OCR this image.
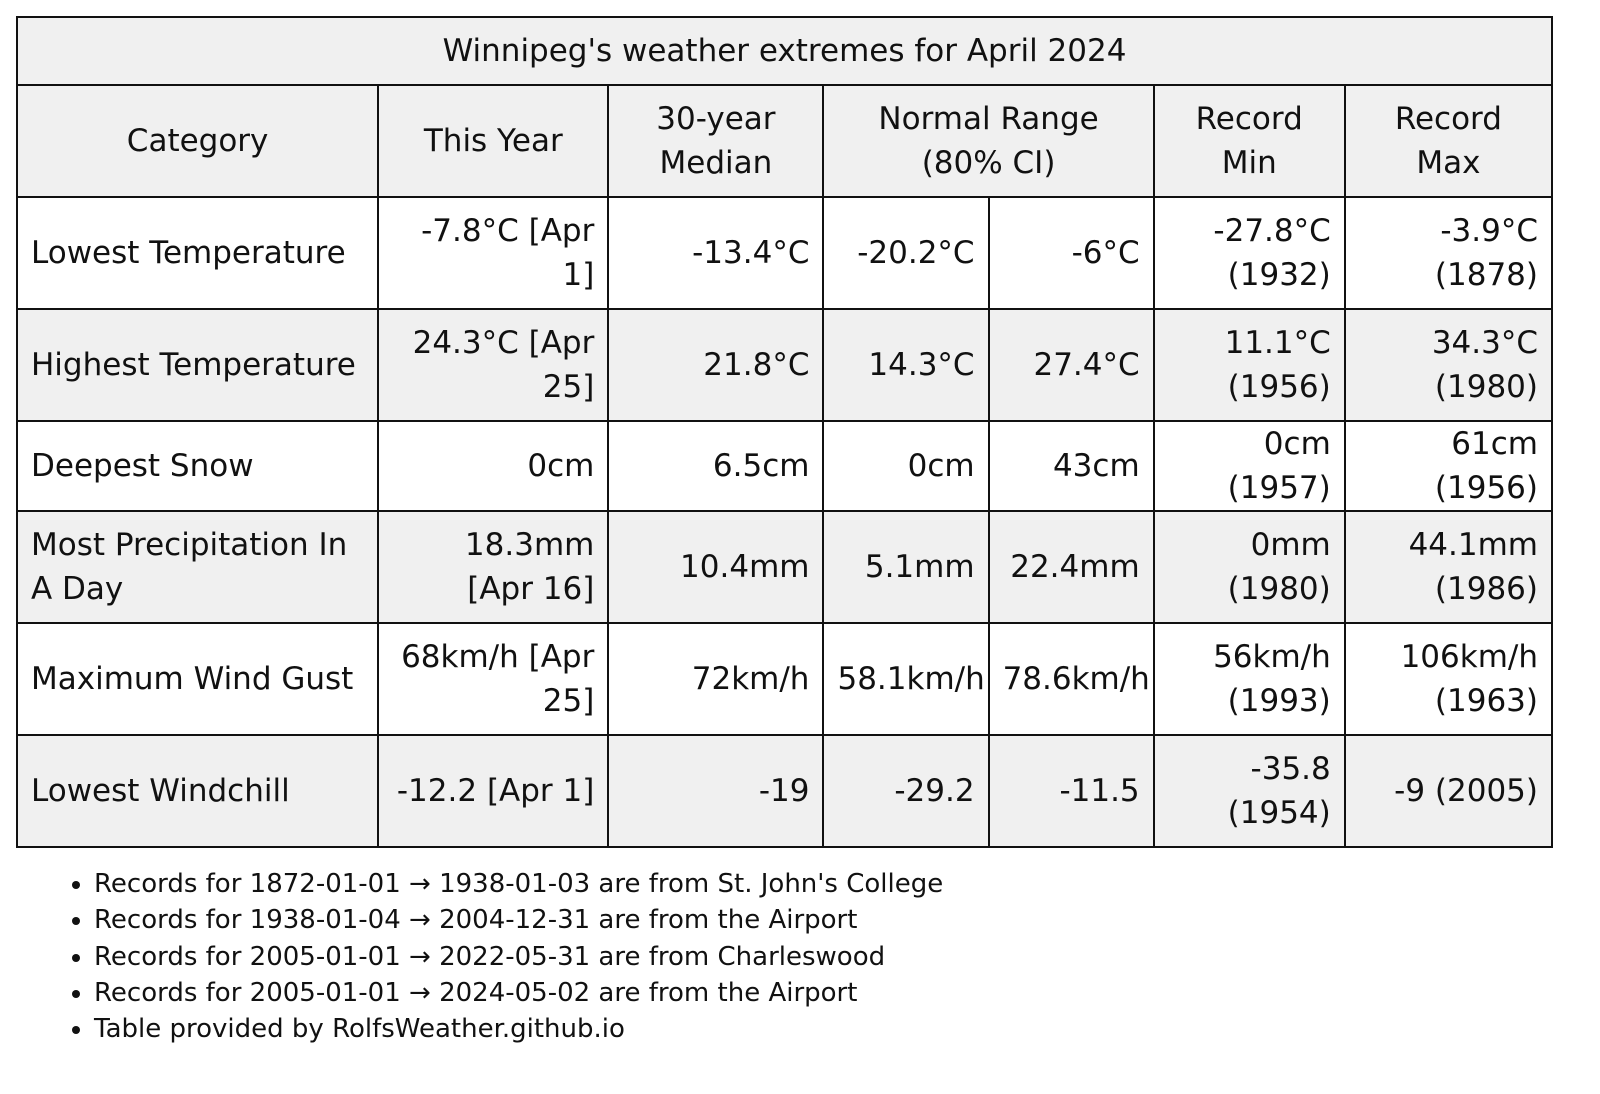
Winnipeg's weather extremes for April 2024						
Category	This Year	30-year Median	Normal Range (80% CI)		Record Min	Record Max
Lowest Temperature	-7.8°C [Apr 1]	-13.4°C	-20.2°C	-6°C	-27.8°C (1932)	-3.9°C (1878)
Highest Temperature	24.3°C [Apr 25]	21.8°C	14.3°C	27.4°C	11.1°C (1956)	34.3°C (1980)
Deepest Snow	0cm	6.5cm	0cm	43cm	0cm (1957)	61cm (1956)
Most Precipitation In A Day	18.3mm [Apr 16]	10.4mm	5.1mm	22.4mm	0mm (1980)	44.1mm (1986)
Maximum Wind Gust	68km/h [Apr 25]	72km/h	58.1km/h	78.6km/h	56km/h (1993)	106km/h (1963)
Lowest Windchill	-12.2 [Apr 1]	-19	-29.2	-11.5	-35.8 (1954)	-9 (2005)
• Records for 1872-01-01 → 1938-01-03 are from St. John's College
• Records for 1938-01-04 → 2004-12-31 are from the Airport
• Records for 2005-01-01 → 2022-05-31 are from Charleswood
• Records for 2005-01-01 → 2024-05-02 are from the Airport
• Table provided by RolfsWeather.github.io
